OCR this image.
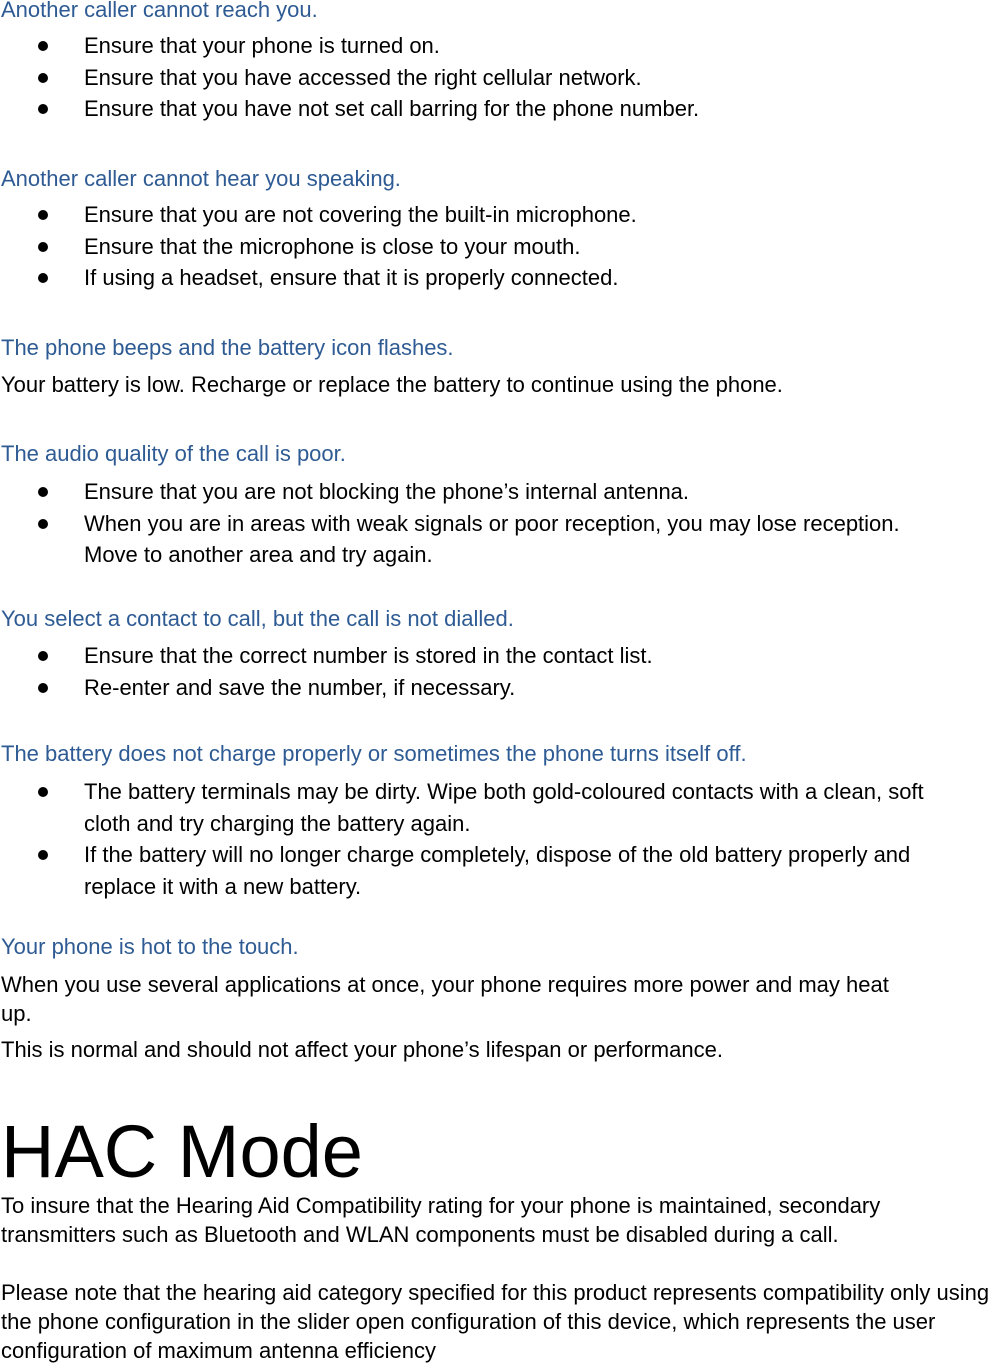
Another caller cannot reach you.
Ensure that your phone is turned on.
Ensure that you have accessed the right cellular network.
Ensure that you have not set call barring for the phone number.
Another caller cannot hear you speaking.
Ensure that you are not covering the built-in microphone.
Ensure that the microphone is close to your mouth.
If using a headset, ensure that it is properly connected.
The phone beeps and the battery icon flashes.
Your battery is low. Recharge or replace the battery to continue using the phone.
The audio quality of the call is poor.
Ensure that you are not blocking the phone’s internal antenna.
When you are in areas with weak signals or poor reception, you may lose reception. Move to another area and try again.
You select a contact to call, but the call is not dialled.
Ensure that the correct number is stored in the contact list.
Re-enter and save the number, if necessary.
The battery does not charge properly or sometimes the phone turns itself off.
The battery terminals may be dirty. Wipe both gold-coloured contacts with a clean, soft cloth and try charging the battery again.
If the battery will no longer charge completely, dispose of the old battery properly and replace it with a new battery.
Your phone is hot to the touch.
When you use several applications at once, your phone requires more power and may heat up.
This is normal and should not affect your phone’s lifespan or performance.
HAC Mode
To insure that the Hearing Aid Compatibility rating for your phone is maintained, secondary transmitters such as Bluetooth and WLAN components must be disabled during a call.
Please note that the hearing aid category specified for this product represents compatibility only using the phone configuration in the slider open configuration of this device, which represents the user configuration of maximum antenna efficiency
